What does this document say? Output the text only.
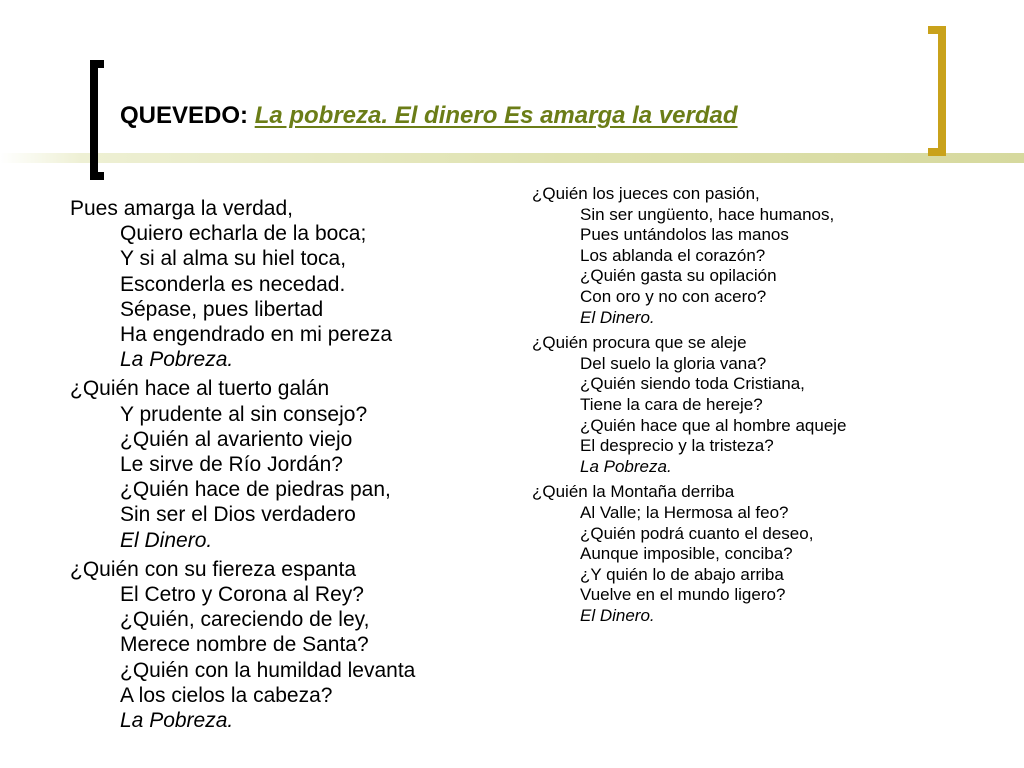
QUEVEDO: La pobreza. El dinero Es amarga la verdad
Pues amarga la verdad,
Quiero echarla de la boca;
Y si al alma su hiel toca,
Esconderla es necedad.
Sépase, pues libertad
Ha engendrado en mi pereza
La Pobreza.
¿Quién hace al tuerto galán
Y prudente al sin consejo?
¿Quién al avariento viejo
Le sirve de Río Jordán?
¿Quién hace de piedras pan,
Sin ser el Dios verdadero
El Dinero.
¿Quién con su fiereza espanta
El Cetro y Corona al Rey?
¿Quién, careciendo de ley,
Merece nombre de Santa?
¿Quién con la humildad levanta
A los cielos la cabeza?
La Pobreza.
¿Quién los jueces con pasión,
Sin ser ungüento, hace humanos,
Pues untándolos las manos
Los ablanda el corazón?
¿Quién gasta su opilación
Con oro y no con acero?
El Dinero.
¿Quién procura que se aleje
Del suelo la gloria vana?
¿Quién siendo toda Cristiana,
Tiene la cara de hereje?
¿Quién hace que al hombre aqueje
El desprecio y la tristeza?
La Pobreza.
¿Quién la Montaña derriba
Al Valle; la Hermosa al feo?
¿Quién podrá cuanto el deseo,
Aunque imposible, conciba?
¿Y quién lo de abajo arriba
Vuelve en el mundo ligero?
El Dinero.
